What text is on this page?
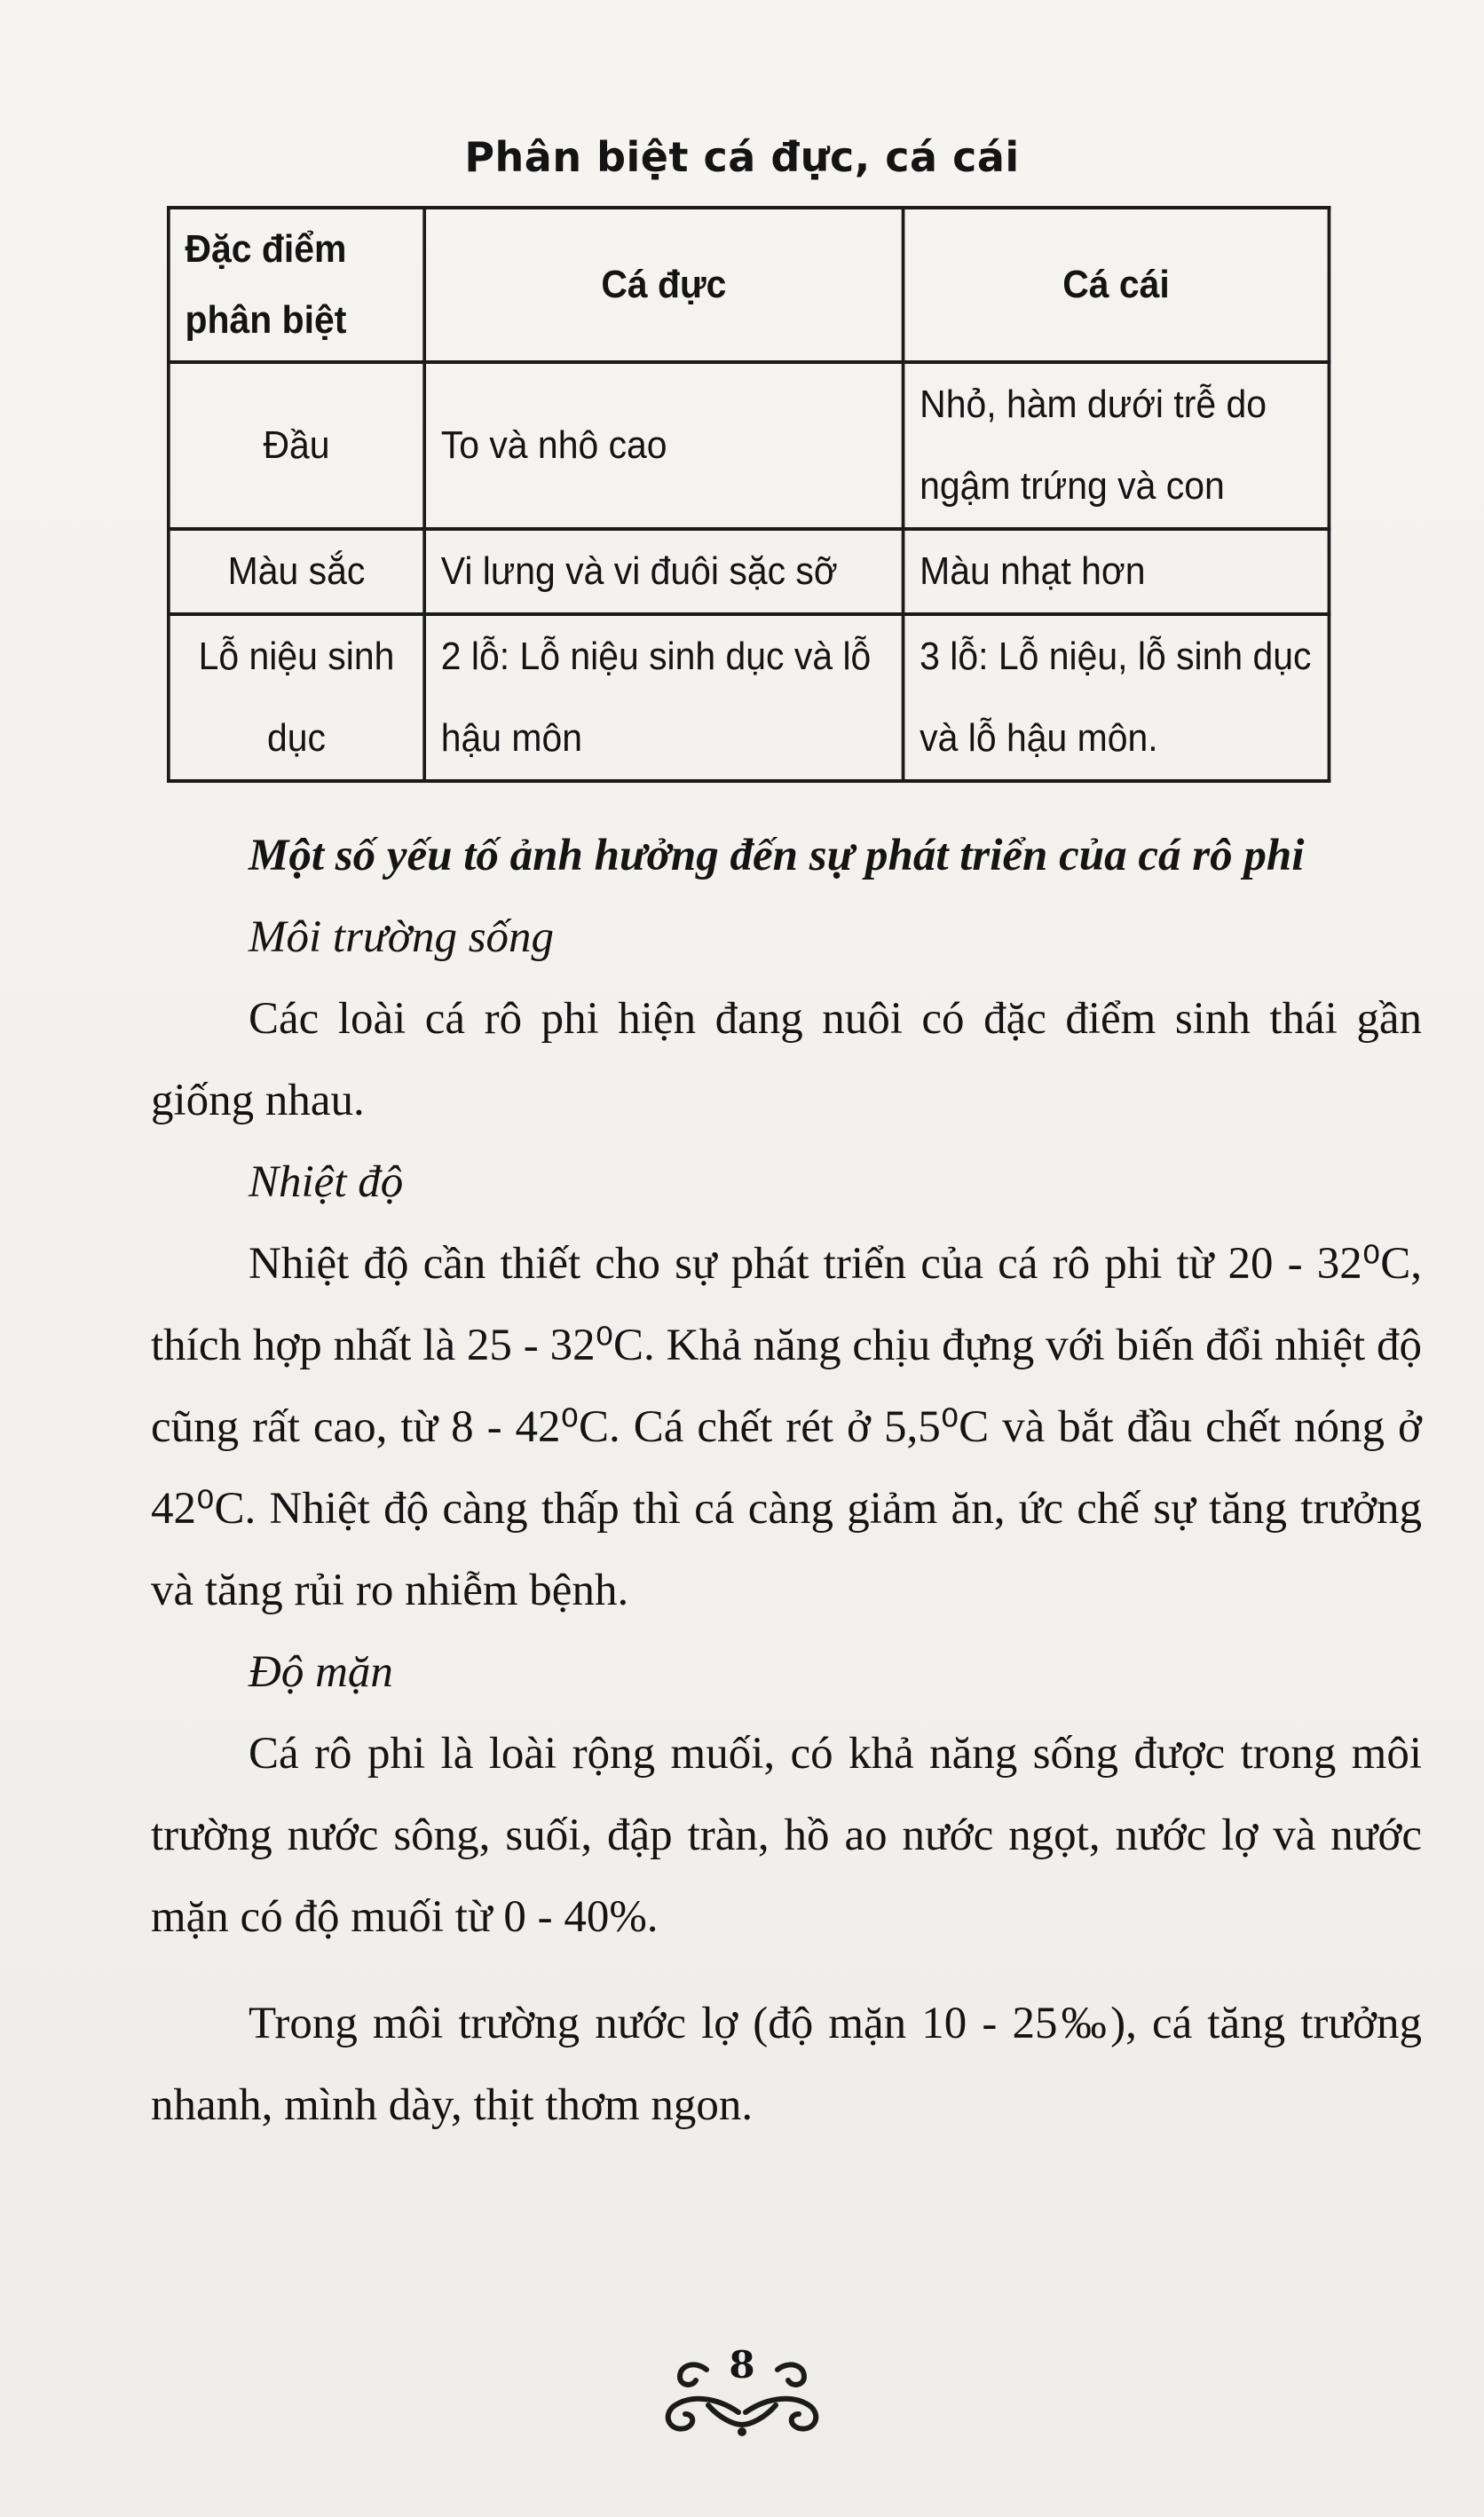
Phân biệt cá đực, cá cái
Đặc điểm phân biệt	Cá đực	Cá cái
Đầu	To và nhô cao	Nhỏ, hàm dưới trễ do ngậm trứng và con
Màu sắc	Vi lưng và vi đuôi sặc sỡ	Màu nhạt hơn
Lỗ niệu sinh dục	2 lỗ: Lỗ niệu sinh dục và lỗ hậu môn	3 lỗ: Lỗ niệu, lỗ sinh dục và lỗ hậu môn.

Một số yếu tố ảnh hưởng đến sự phát triển của cá rô phi

Môi trường sống

Các loài cá rô phi hiện đang nuôi có đặc điểm sinh thái gần giống nhau.

Nhiệt độ

Nhiệt độ cần thiết cho sự phát triển của cá rô phi từ 20 - 32⁰C, thích hợp nhất là 25 - 32⁰C. Khả năng chịu đựng với biến đổi nhiệt độ cũng rất cao, từ 8 - 42⁰C. Cá chết rét ở 5,5⁰C và bắt đầu chết nóng ở 42⁰C. Nhiệt độ càng thấp thì cá càng giảm ăn, ức chế sự tăng trưởng và tăng rủi ro nhiễm bệnh.

Độ mặn

Cá rô phi là loài rộng muối, có khả năng sống được trong môi trường nước sông, suối, đập tràn, hồ ao nước ngọt, nước lợ và nước mặn có độ muối từ 0 - 40%.

Trong môi trường nước lợ (độ mặn 10 - 25‰), cá tăng trưởng nhanh, mình dày, thịt thơm ngon.

8
